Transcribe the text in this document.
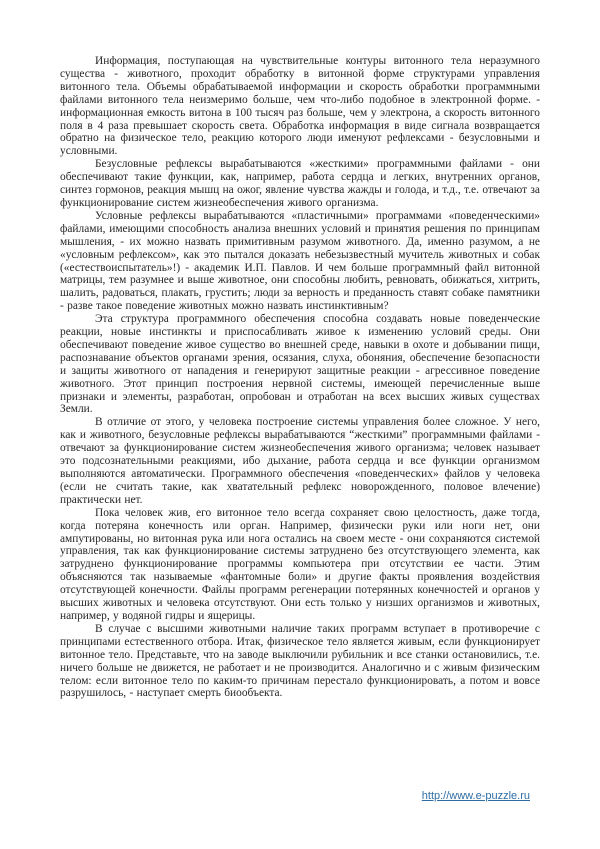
Информация, поступающая на чувствительные контуры витонного тела неразумного существа - животного, проходит обработку в витонной форме структурами управления витонного тела. Объемы обрабатываемой информации и скорость обработки программными файлами витонного тела неизмеримо больше, чем что-либо подобное в электронной форме. - информационная емкость витона в 100 тысяч раз больше, чем у электрона, а скорость витонного поля в 4 раза превышает скорость света. Обработка информация в виде сигнала возвращается обратно на физическое тело, реакцию которого люди именуют рефлексами - безусловными и условными.

Безусловные рефлексы вырабатываются «жесткими» программными файлами - они обеспечивают такие функции, как, например, работа сердца и легких, внутренних органов, синтез гормонов, реакция мышц на ожог, явление чувства жажды и голода, и т.д., т.е. отвечают за функционирование систем жизнеобеспечения живого организма.

Условные рефлексы вырабатываются «пластичными» программами «поведенческими» файлами, имеющими способность анализа внешних условий и принятия решения по принципам мышления, - их можно назвать примитивным разумом животного. Да, именно разумом, а не «условным рефлексом», как это пытался доказать небезызвестный мучитель животных и собак («естествоиспытатель»!) - академик И.П. Павлов. И чем больше программный файл витонной матрицы, тем разумнее и выше животное, они способны любить, ревновать, обижаться, хитрить, шалить, радоваться, плакать, грустить; люди за верность и преданность ставят собаке памятники - разве такое поведение животных можно назвать инстинктивным?

Эта структура программного обеспечения способна создавать новые поведенческие реакции, новые инстинкты и приспосабливать живое к изменению условий среды. Они обеспечивают поведение живое существо во внешней среде, навыки в охоте и добывании пищи, распознавание объектов органами зрения, осязания, слуха, обоняния, обеспечение безопасности и защиты животного от нападения и генерируют защитные реакции - агрессивное поведение животного. Этот принцип построения нервной системы, имеющей перечисленные выше признаки и элементы, разработан, опробован и отработан на всех высших живых существах Земли.

В отличие от этого, у человека построение системы управления более сложное. У него, как и животного, безусловные рефлексы вырабатываются “жесткими” программными файлами - отвечают за функционирование систем жизнеобеспечения живого организма; человек называет это подсознательными реакциями, ибо дыхание, работа сердца и все функции организмом выполняются автоматически. Программного обеспечения «поведенческих» файлов у человека (если не считать такие, как хватательный рефлекс новорожденного, половое влечение) практически нет.

Пока человек жив, его витонное тело всегда сохраняет свою целостность, даже тогда, когда потеряна конечность или орган. Например, физически руки или ноги нет, они ампутированы, но витонная рука или нога остались на своем месте - они сохраняются системой управления, так как функционирование системы затруднено без отсутствующего элемента, как затруднено функционирование программы компьютера при отсутствии ее части. Этим объясняются так называемые «фантомные боли» и другие факты проявления воздействия отсутствующей конечности. Файлы программ регенерации потерянных конечностей и органов у высших животных и человека отсутствуют. Они есть только у низших организмов и животных, например, у водяной гидры и ящерицы.

В случае с высшими животными наличие таких программ вступает в противоречие с принципами естественного отбора. Итак, физическое тело является живым, если функционирует витонное тело. Представьте, что на заводе выключили рубильник и все станки остановились, т.е. ничего больше не движется, не работает и не производится. Аналогично и с живым физическим телом: если витонное тело по каким-то причинам перестало функционировать, а потом и вовсе разрушилось, - наступает смерть биообъекта.

http://www.e-puzzle.ru
